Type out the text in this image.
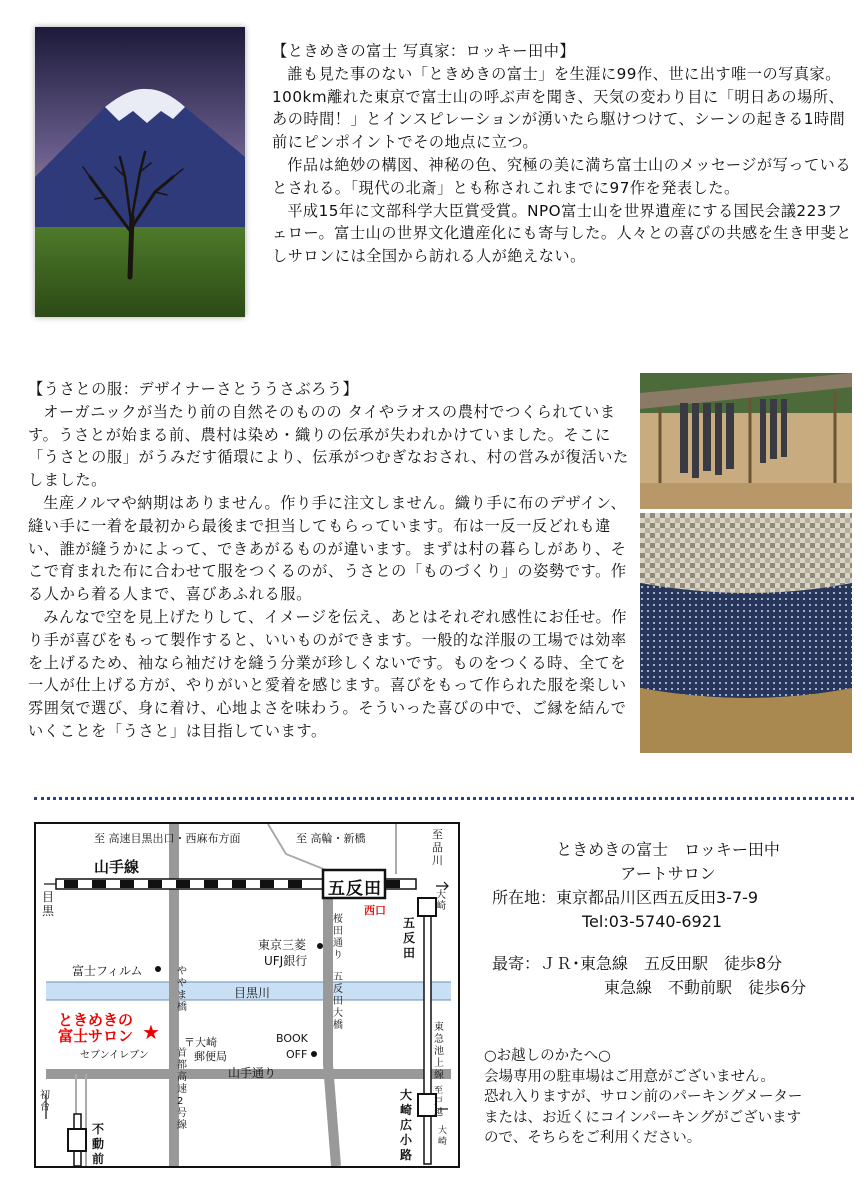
【ときめきの富士 写真家：ロッキー田中】

誰も見た事のない「ときめきの富士」を生涯に99作、世に出す唯一の写真家。100km離れた東京で富士山の呼ぶ声を聞き、天気の変わり目に「明日あの場所、あの時間！」とインスピレーションが湧いたら駆けつけて、シーンの起きる1時間前にピンポイントでその地点に立つ。

作品は絶妙の構図、神秘の色、究極の美に満ち富士山のメッセージが写っているとされる。「現代の北斎」とも称されこれまでに97作を発表した。

平成15年に文部科学大臣賞受賞。NPO富士山を世界遺産にする国民会議223フェロー。富士山の世界文化遺産化にも寄与した。人々との喜びの共感を生き甲斐としサロンには全国から訪れる人が絶えない。

【うさとの服：デザイナーさとううさぶろう】

オーガニックが当たり前の自然そのものの タイやラオスの農村でつくられています。うさとが始まる前、農村は染め・織りの伝承が失われかけていました。そこに「うさとの服」がうみだす循環により、伝承がつむぎなおされ、村の営みが復活いたしました。

生産ノルマや納期はありません。作り手に注文しません。織り手に布のデザイン、縫い手に一着を最初から最後まで担当してもらっています。布は一反一反どれも違い、誰が縫うかによって、できあがるものが違います。まずは村の暮らしがあり、そこで育まれた布に合わせて服をつくるのが、うさとの「ものづくり」の姿勢です。作る人から着る人まで、喜びあふれる服。

みんなで空を見上げたりして、イメージを伝え、あとはそれぞれ感性にお任せ。作り手が喜びをもって製作すると、いいものができます。一般的な洋服の工場では効率を上げるため、袖なら袖だけを縫う分業が珍しくないです。ものをつくる時、全てを一人が仕上げる方が、やりがいと愛着を感じます。喜びをもって作られた服を楽しい雰囲気で選び、身に着け、心地よさを味わう。そういった喜びの中で、ご縁を結んでいくことを「うさと」は目指しています。

至 高速目黒出口・西麻布方面	至 高輪・新橋	至品川
山手線
五反田
西口
大崎
目黒
五反田
桜田通り
五反田大橋
東京三菱
UFJ銀行
富士フィルム
目黒川
ややま橋
ときめきの
富士サロン ★
セブンイレブン
〒大崎
郵便局
首都高速2号線
BOOK
OFF
東急池上線
山手通り
至戸越
大崎広小路
大崎
初台
不動前
ときめきの富士　ロッキー田中
アートサロン
所在地：東京都品川区西五反田3-7-9
Tel:03-5740-6921
最寄：ＪＲ･東急線　五反田駅　徒歩8分
東急線　不動前駅　徒歩6分
○お越しのかたへ○
会場専用の駐車場はご用意がございません。
恐れ入りますが、サロン前のパーキングメーター
または、お近くにコインパーキングがございます
ので、そちらをご利用ください。
